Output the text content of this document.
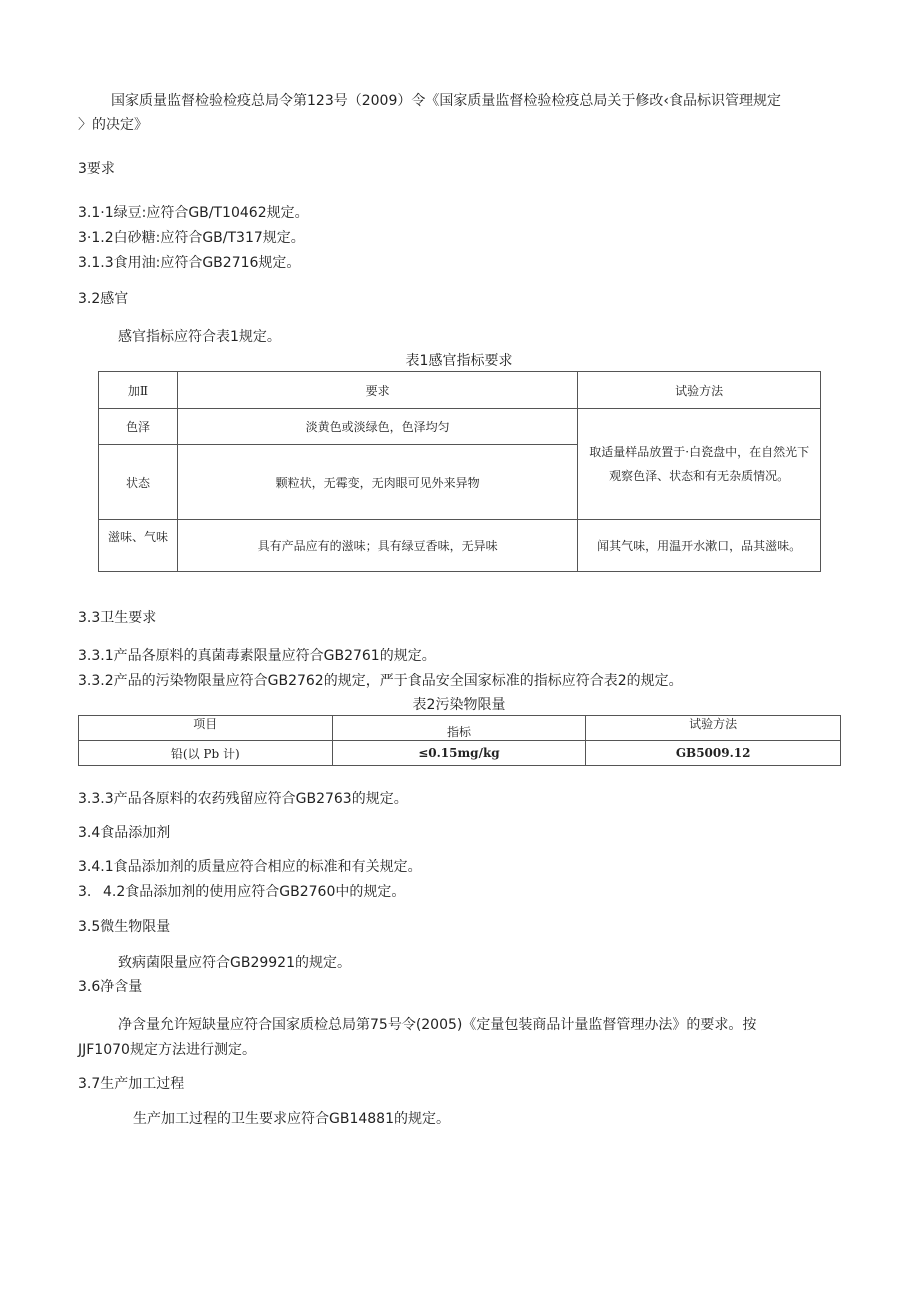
国家质量监督检验检疫总局令第123号（2009）令《国家质量监督检验检疫总局关于修改‹食品标识管理规定
〉的决定》
3要求
3.1·1绿豆:应符合GB/T10462规定。
3·1.2白砂糖:应符合GB/T317规定。
3.1.3食用油:应符合GB2716规定。
3.2感官
感官指标应符合表1规定。
表1感官指标要求
加Ⅱ	要求	试验方法
色泽	淡黄色或淡绿色，色泽均匀	取适量样品放置于·白瓷盘中，在自然光下
观察色泽、状态和有无杂质情况。
状态	颗粒状，无霉变，无肉眼可见外来异物	
滋味、气味	具有产品应有的滋味；具有绿豆香味，无异味	闻其气味，用温开水漱口，品其滋味。
3.3卫生要求
3.3.1产品各原料的真菌毒素限量应符合GB2761的规定。
3.3.2产品的污染物限量应符合GB2762的规定，严于食品安全国家标准的指标应符合表2的规定。
表2污染物限量
项目	指标	试验方法
铅(以 Pb 计)	≤0.15mg/kg	GB5009.12
3.3.3产品各原料的农药残留应符合GB2763的规定。
3.4食品添加剂
3.4.1食品添加剂的质量应符合相应的标准和有关规定。
3. 4.2食品添加剂的使用应符合GB2760中的规定。
3.5微生物限量
致病菌限量应符合GB29921的规定。
3.6净含量
净含量允许短缺量应符合国家质检总局第75号令(2005)《定量包装商品计量监督管理办法》的要求。按
JJF1070规定方法进行测定。
3.7生产加工过程
生产加工过程的卫生要求应符合GB14881的规定。
